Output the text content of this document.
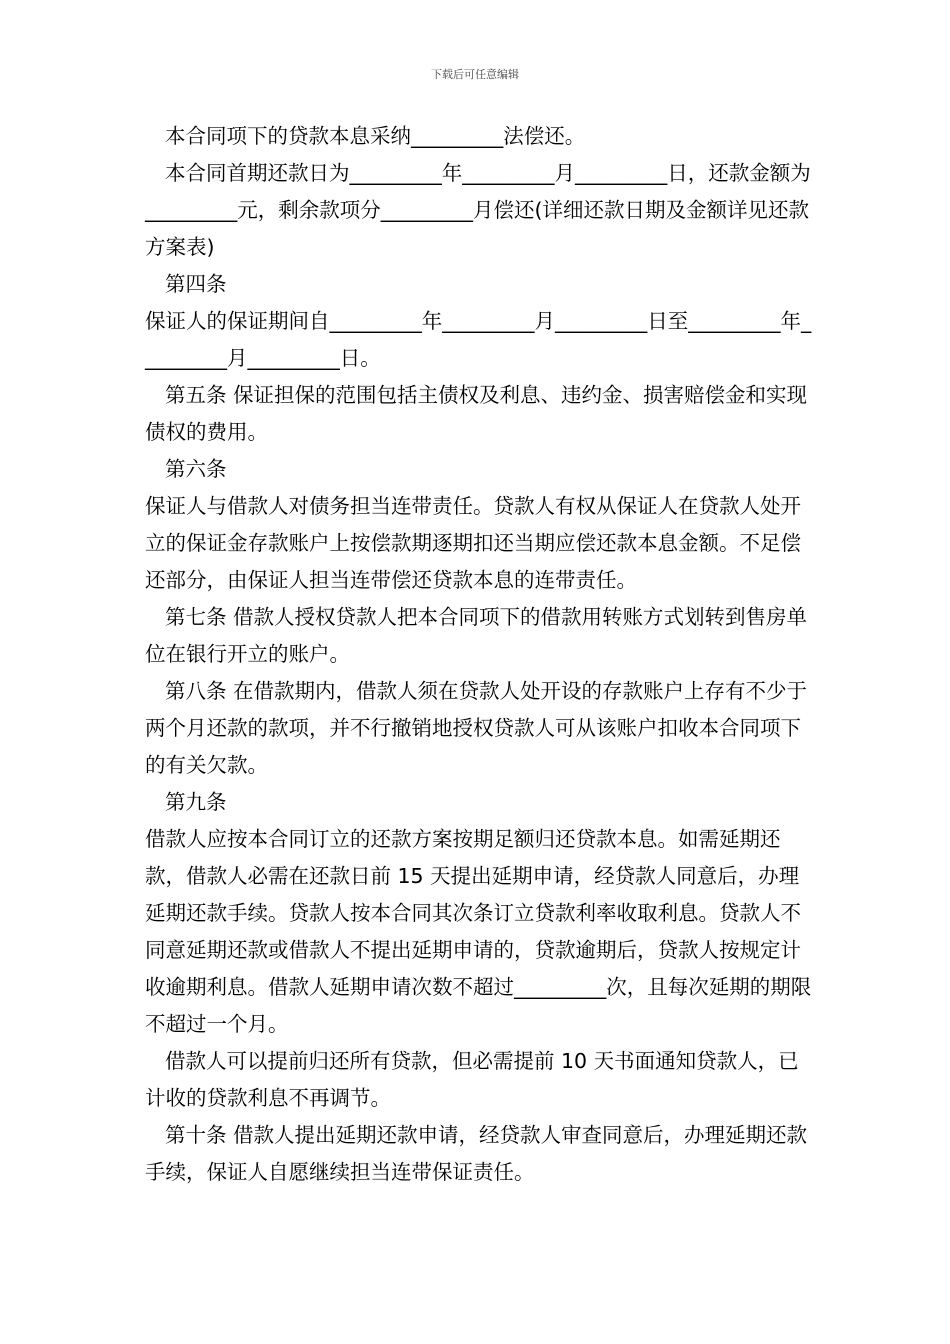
下载后可任意编辑

本合同项下的贷款本息采纳_________法偿还。

本合同首期还款日为_________年_________月_________日，还款金额为_________元，剩余款项分_________月偿还(详细还款日期及金额详见还款方案表)

第四条

保证人的保证期间自_________年_________月_________日至_________年_________月_________日。

第五条 保证担保的范围包括主债权及利息、违约金、损害赔偿金和实现债权的费用。

第六条

保证人与借款人对债务担当连带责任。贷款人有权从保证人在贷款人处开立的保证金存款账户上按偿款期逐期扣还当期应偿还款本息金额。不足偿还部分，由保证人担当连带偿还贷款本息的连带责任。

第七条 借款人授权贷款人把本合同项下的借款用转账方式划转到售房单位在银行开立的账户。

第八条 在借款期内，借款人须在贷款人处开设的存款账户上存有不少于两个月还款的款项，并不行撤销地授权贷款人可从该账户扣收本合同项下的有关欠款。

第九条

借款人应按本合同订立的还款方案按期足额归还贷款本息。如需延期还款，借款人必需在还款日前 15 天提出延期申请，经贷款人同意后，办理延期还款手续。贷款人按本合同其次条订立贷款利率收取利息。贷款人不同意延期还款或借款人不提出延期申请的，贷款逾期后，贷款人按规定计收逾期利息。借款人延期申请次数不超过_________次，且每次延期的期限不超过一个月。

借款人可以提前归还所有贷款，但必需提前 10 天书面通知贷款人，已计收的贷款利息不再调节。

第十条 借款人提出延期还款申请，经贷款人审查同意后，办理延期还款手续，保证人自愿继续担当连带保证责任。
